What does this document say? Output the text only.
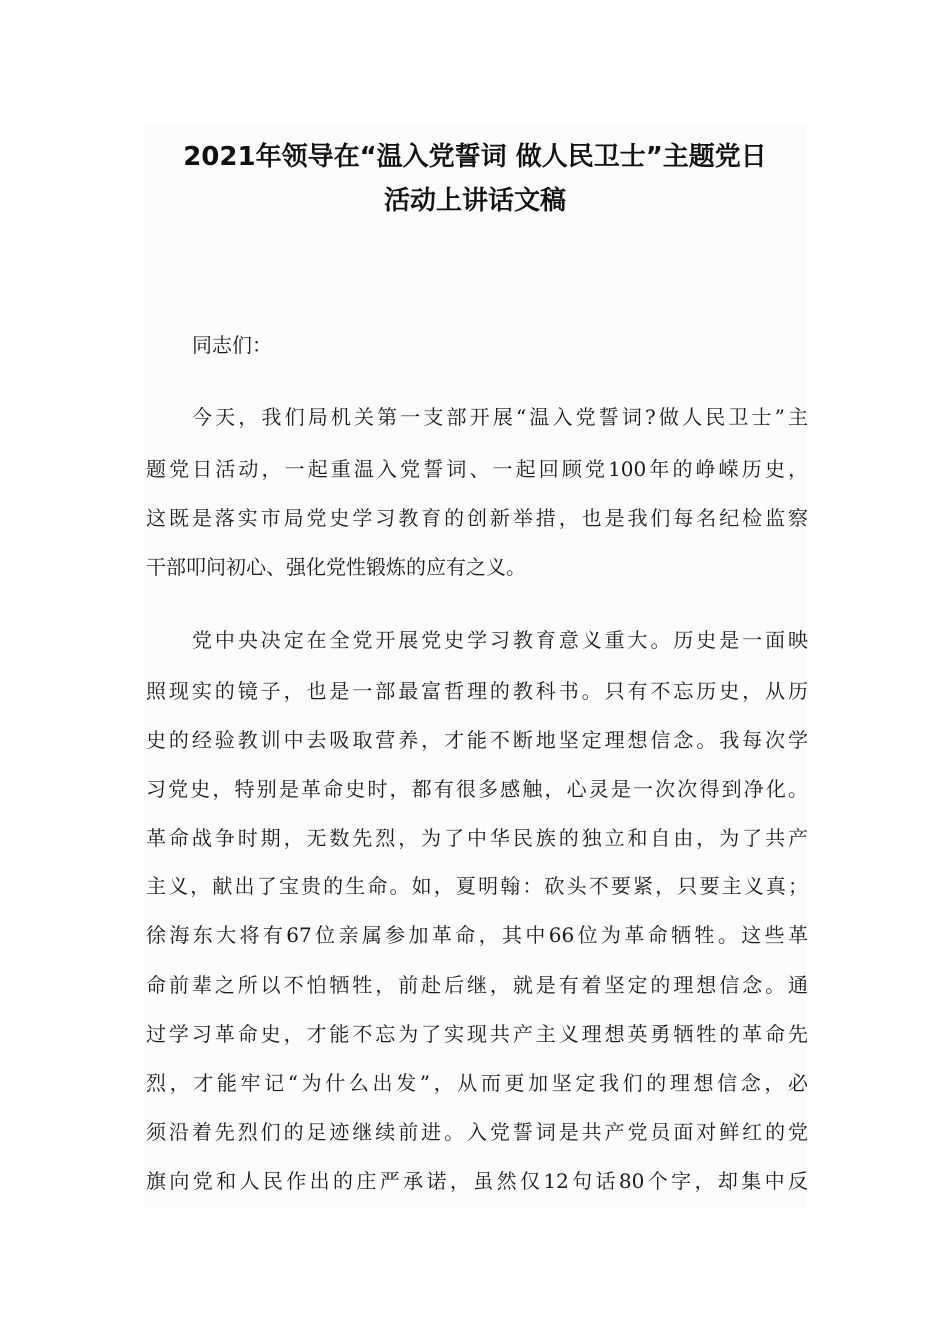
2021年领导在“温入党誓词 做人民卫士”主题党日
活动上讲话文稿
同志们：
今天，我们局机关第一支部开展“温入党誓词?做人民卫士”主
题党日活动，一起重温入党誓词、一起回顾党100年的峥嵘历史，
这既是落实市局党史学习教育的创新举措，也是我们每名纪检监察
干部叩问初心、强化党性锻炼的应有之义。
党中央决定在全党开展党史学习教育意义重大。历史是一面映
照现实的镜子，也是一部最富哲理的教科书。只有不忘历史，从历
史的经验教训中去吸取营养，才能不断地坚定理想信念。我每次学
习党史，特别是革命史时，都有很多感触，心灵是一次次得到净化。
革命战争时期，无数先烈，为了中华民族的独立和自由，为了共产
主义，献出了宝贵的生命。如，夏明翰：砍头不要紧，只要主义真；
徐海东大将有67位亲属参加革命，其中66位为革命牺牲。这些革
命前辈之所以不怕牺牲，前赴后继，就是有着坚定的理想信念。通
过学习革命史，才能不忘为了实现共产主义理想英勇牺牲的革命先
烈，才能牢记“为什么出发”，从而更加坚定我们的理想信念，必
须沿着先烈们的足迹继续前进。入党誓词是共产党员面对鲜红的党
旗向党和人民作出的庄严承诺，虽然仅12句话80个字，却集中反
